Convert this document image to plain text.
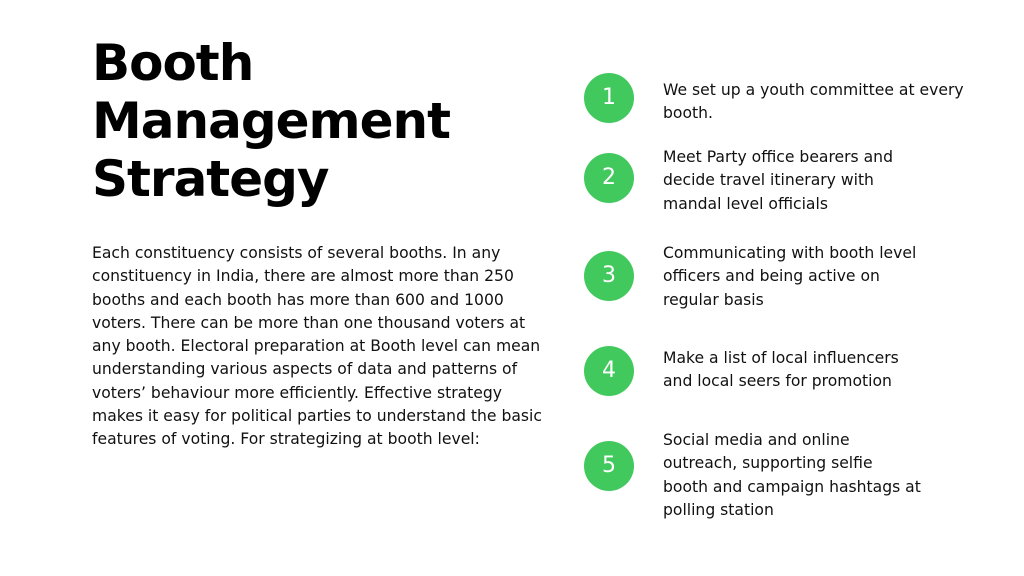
Booth
Management
Strategy

Each constituency consists of several booths. In any constituency in India, there are almost more than 250 booths and each booth has more than 600 and 1000 voters. There can be more than one thousand voters at any booth. Electoral preparation at Booth level can mean understanding various aspects of data and patterns of voters’ behaviour more efficiently. Effective strategy makes it easy for political parties to understand the basic features of voting. For strategizing at booth level:

1	We set up a youth committee at every
booth.

2

Meet Party office bearers and
decide travel itinerary with
mandal level officials

3

Communicating with booth level
officers and being active on
regular basis

4	Make a list of local influencers
and local seers for promotion

5

Social media and online
outreach, supporting selfie
booth and campaign hashtags at
polling station
